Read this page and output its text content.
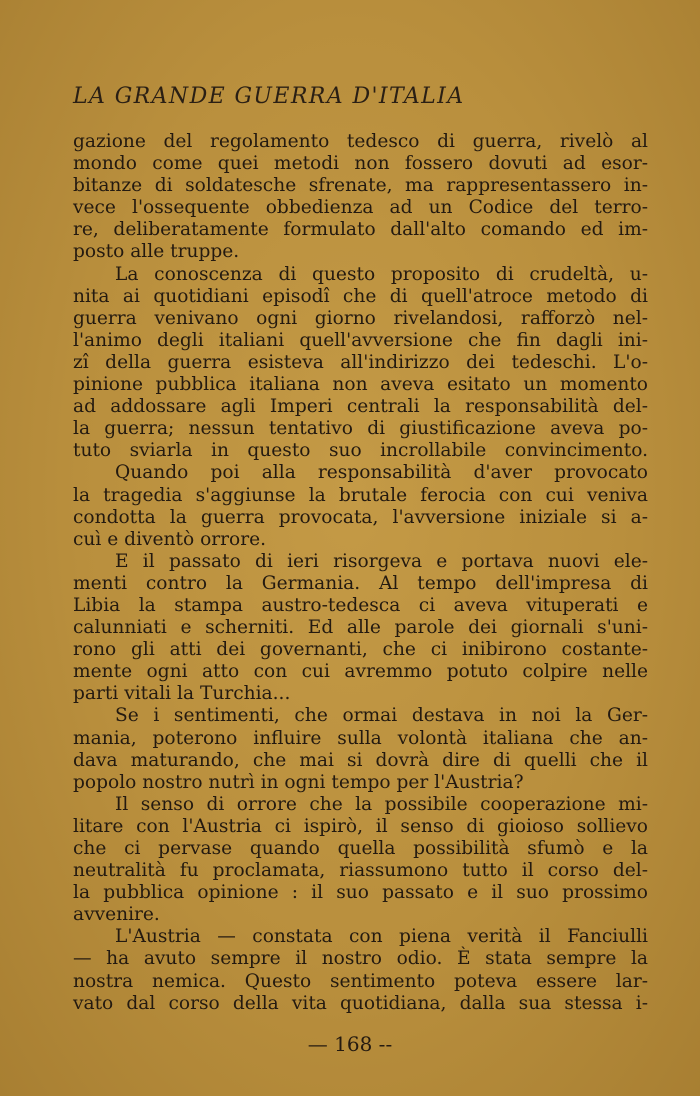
LA GRANDE GUERRA D'ITALIA
gazione del regolamento tedesco di guerra, rivelò al
mondo come quei metodi non fossero dovuti ad esor-
bitanze di soldatesche sfrenate, ma rappresentassero in-
vece l'ossequente obbedienza ad un Codice del terro-
re, deliberatamente formulato dall'alto comando ed im-
posto alle truppe.
La conoscenza di questo proposito di crudeltà, u-
nita ai quotidiani episodî che di quell'atroce metodo di
guerra venivano ogni giorno rivelandosi, rafforzò nel-
l'animo degli italiani quell'avversione che fin dagli ini-
zî della guerra esisteva all'indirizzo dei tedeschi. L'o-
pinione pubblica italiana non aveva esitato un momento
ad addossare agli Imperi centrali la responsabilità del-
la guerra; nessun tentativo di giustificazione aveva po-
tuto sviarla in questo suo incrollabile convincimento.
Quando poi alla responsabilità d'aver provocato
la tragedia s'aggiunse la brutale ferocia con cui veniva
condotta la guerra provocata, l'avversione iniziale si a-
cuì e diventò orrore.
E il passato di ieri risorgeva e portava nuovi ele-
menti contro la Germania. Al tempo dell'impresa di
Libia la stampa austro-tedesca ci aveva vituperati e
calunniati e scherniti. Ed alle parole dei giornali s'uni-
rono gli atti dei governanti, che ci inibirono costante-
mente ogni atto con cui avremmo potuto colpire nelle
parti vitali la Turchia...
Se i sentimenti, che ormai destava in noi la Ger-
mania, poterono influire sulla volontà italiana che an-
dava maturando, che mai si dovrà dire di quelli che il
popolo nostro nutrì in ogni tempo per l'Austria?
Il senso di orrore che la possibile cooperazione mi-
litare con l'Austria ci ispirò, il senso di gioioso sollievo
che ci pervase quando quella possibilità sfumò e la
neutralità fu proclamata, riassumono tutto il corso del-
la pubblica opinione : il suo passato e il suo prossimo
avvenire.
L'Austria — constata con piena verità il Fanciulli
— ha avuto sempre il nostro odio. È stata sempre la
nostra nemica. Questo sentimento poteva essere lar-
vato dal corso della vita quotidiana, dalla sua stessa i-
— 168 --
